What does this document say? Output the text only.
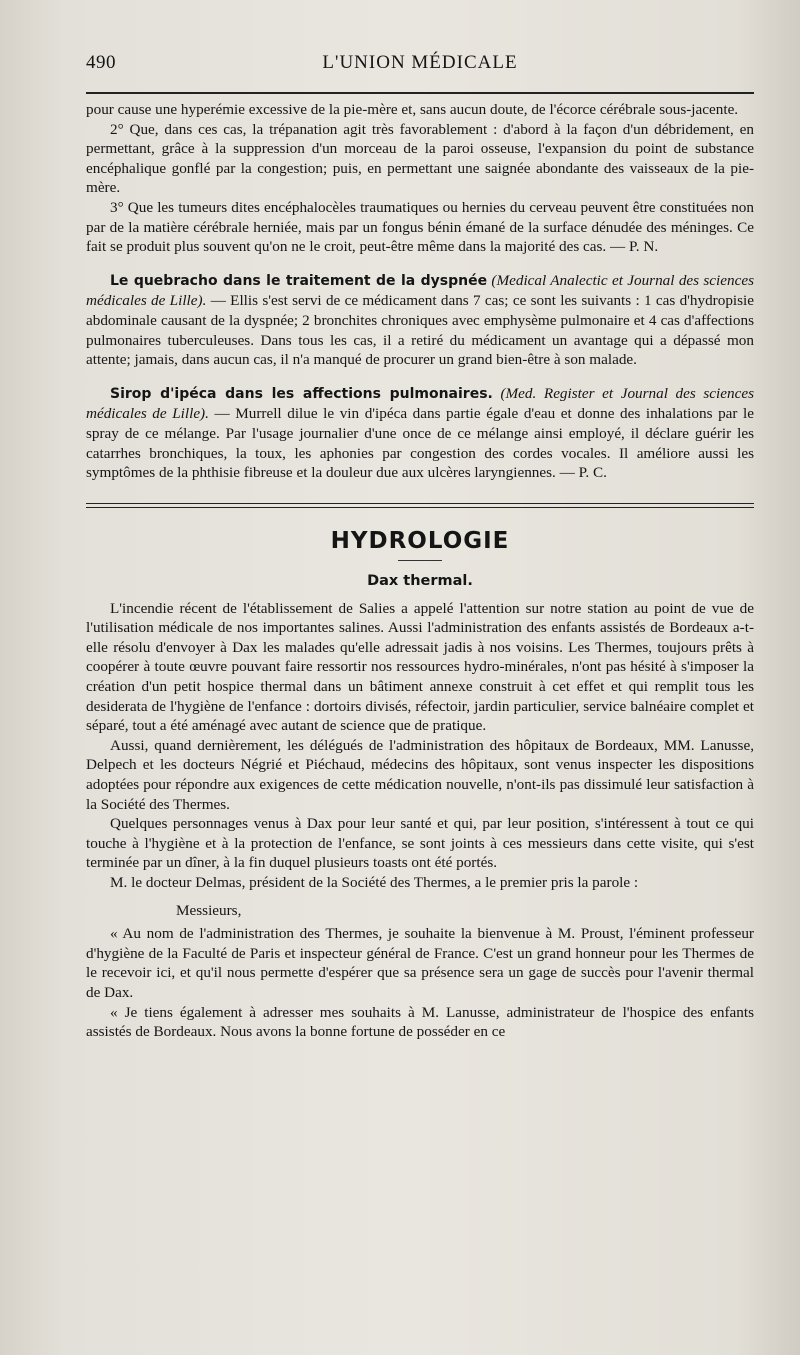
490	L'UNION MÉDICALE

pour cause une hyperémie excessive de la pie-mère et, sans aucun doute, de l'écorce cérébrale sous-jacente.

2° Que, dans ces cas, la trépanation agit très favorablement : d'abord à la façon d'un débridement, en permettant, grâce à la suppression d'un morceau de la paroi osseuse, l'expansion du point de substance encéphalique gonflé par la congestion; puis, en permettant une saignée abondante des vaisseaux de la pie-mère.

3° Que les tumeurs dites encéphalocèles traumatiques ou hernies du cerveau peuvent être constituées non par de la matière cérébrale herniée, mais par un fongus bénin émané de la surface dénudée des méninges. Ce fait se produit plus souvent qu'on ne le croit, peut-être même dans la majorité des cas. — P. N.

Le quebracho dans le traitement de la dyspnée (Medical Analectic et Journal des sciences médicales de Lille). — Ellis s'est servi de ce médicament dans 7 cas; ce sont les suivants : 1 cas d'hydropisie abdominale causant de la dyspnée; 2 bronchites chroniques avec emphysème pulmonaire et 4 cas d'affections pulmonaires tuberculeuses. Dans tous les cas, il a retiré du médicament un avantage qui a dépassé mon attente; jamais, dans aucun cas, il n'a manqué de procurer un grand bien-être à son malade.

Sirop d'ipéca dans les affections pulmonaires. (Med. Register et Journal des sciences médicales de Lille). — Murrell dilue le vin d'ipéca dans partie égale d'eau et donne des inhalations par le spray de ce mélange. Par l'usage journalier d'une once de ce mélange ainsi employé, il déclare guérir les catarrhes bronchiques, la toux, les aphonies par congestion des cordes vocales. Il améliore aussi les symptômes de la phthisie fibreuse et la douleur due aux ulcères laryngiennes. — P. C.

HYDROLOGIE
Dax thermal.

L'incendie récent de l'établissement de Salies a appelé l'attention sur notre station au point de vue de l'utilisation médicale de nos importantes salines. Aussi l'administration des enfants assistés de Bordeaux a-t-elle résolu d'envoyer à Dax les malades qu'elle adressait jadis à nos voisins. Les Thermes, toujours prêts à coopérer à toute œuvre pouvant faire ressortir nos ressources hydro-minérales, n'ont pas hésité à s'imposer la création d'un petit hospice thermal dans un bâtiment annexe construit à cet effet et qui remplit tous les desiderata de l'hygiène de l'enfance : dortoirs divisés, réfectoir, jardin particulier, service balnéaire complet et séparé, tout a été aménagé avec autant de science que de pratique.

Aussi, quand dernièrement, les délégués de l'administration des hôpitaux de Bordeaux, MM. Lanusse, Delpech et les docteurs Négrié et Piéchaud, médecins des hôpitaux, sont venus inspecter les dispositions adoptées pour répondre aux exigences de cette médication nouvelle, n'ont-ils pas dissimulé leur satisfaction à la Société des Thermes.

Quelques personnages venus à Dax pour leur santé et qui, par leur position, s'intéressent à tout ce qui touche à l'hygiène et à la protection de l'enfance, se sont joints à ces messieurs dans cette visite, qui s'est terminée par un dîner, à la fin duquel plusieurs toasts ont été portés.

M. le docteur Delmas, président de la Société des Thermes, a le premier pris la parole :

Messieurs,

« Au nom de l'administration des Thermes, je souhaite la bienvenue à M. Proust, l'éminent professeur d'hygiène de la Faculté de Paris et inspecteur général de France. C'est un grand honneur pour les Thermes de le recevoir ici, et qu'il nous permette d'espérer que sa présence sera un gage de succès pour l'avenir thermal de Dax.

« Je tiens également à adresser mes souhaits à M. Lanusse, administrateur de l'hospice des enfants assistés de Bordeaux. Nous avons la bonne fortune de posséder en ce
